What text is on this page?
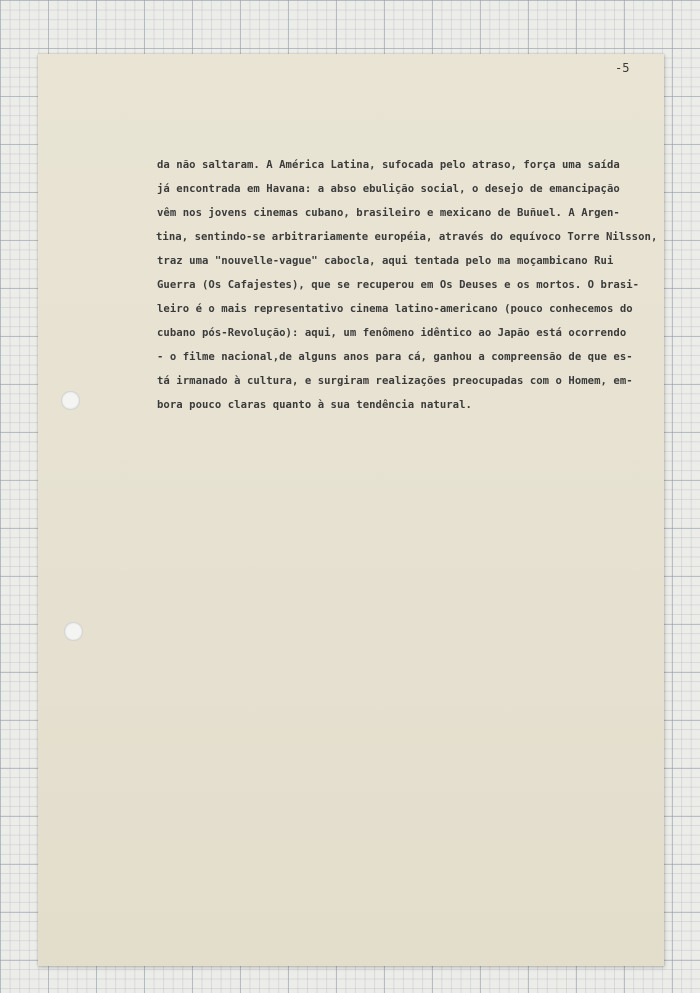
-5
da não saltaram. A América Latina, sufocada pelo atraso, força uma saída
já encontrada em Havana: a abso ebulição social, o desejo de emancipação
vêm nos jovens cinemas cubano, brasileiro e mexicano de Buñuel. A Argen-
tina, sentindo-se arbitrariamente européia, através do equívoco Torre Nilsson,
traz uma "nouvelle-vague" cabocla, aqui tentada pelo ma moçambicano Rui
Guerra (Os Cafajestes), que se recuperou em Os Deuses e os mortos. O brasi-
leiro é o mais representativo cinema latino-americano (pouco conhecemos do
cubano pós-Revolução): aqui, um fenômeno idêntico ao Japão está ocorrendo
- o filme nacional,de alguns anos para cá, ganhou a compreensão de que es-
tá irmanado à cultura, e surgiram realizações preocupadas com o Homem, em-
bora pouco claras quanto à sua tendência natural.
